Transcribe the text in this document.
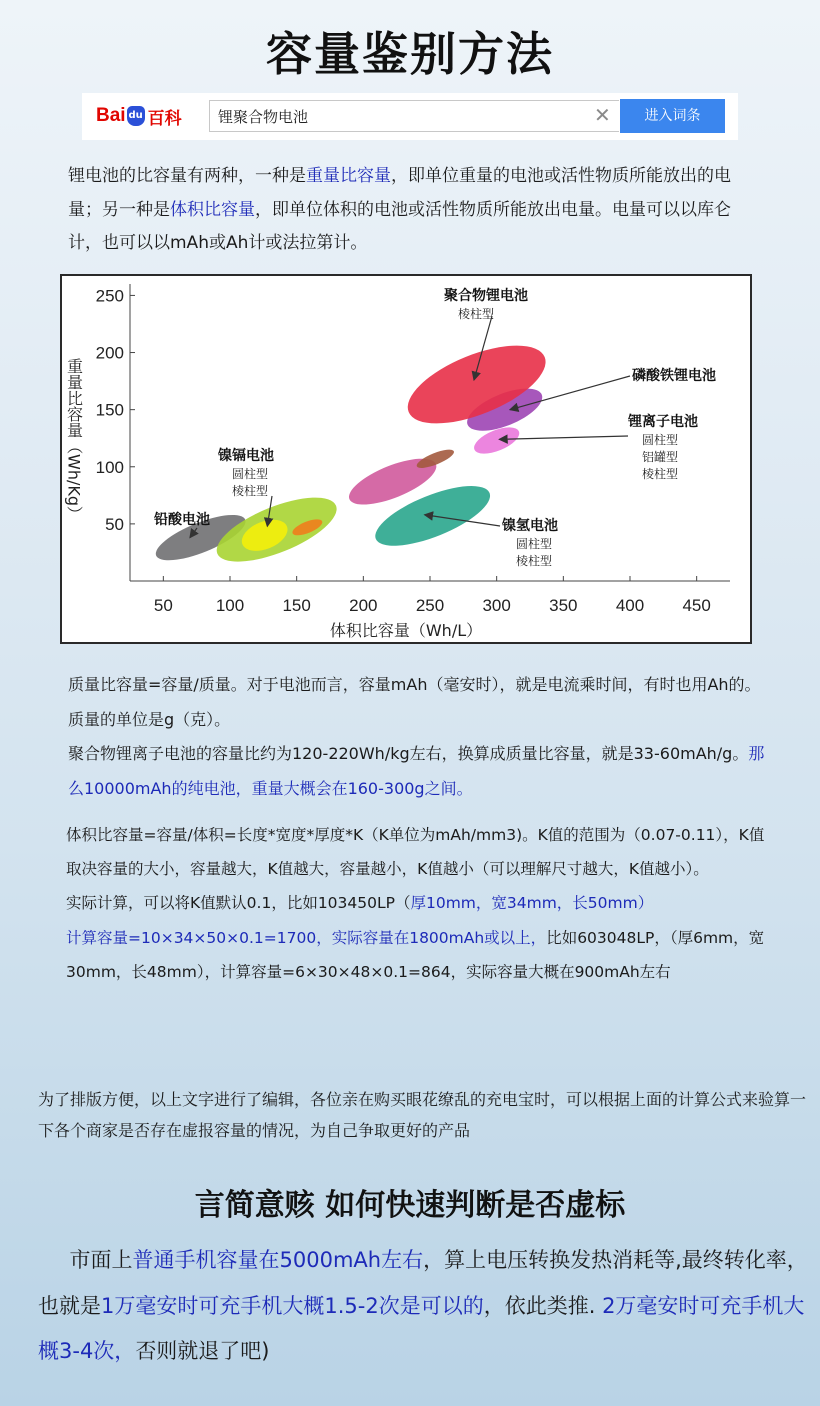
容量鉴别方法
Bai du 百科	锂聚合物电池	✕	进入词条
锂电池的比容量有两种，一种是重量比容量，即单位重量的电池或活性物质所能放出的电量；另一种是体积比容量，即单位体积的电池或活性物质所能放出电量。电量可以以库仑计，也可以以mAh或Ah计或法拉第计。
50	100 150 200 250 300 350 400 450
50
100
150
200
250
体积比容量（Wh/L）
重量比容量（Wh/Kg）	铅酸电池
镍镉电池
圆柱型
棱柱型
镍氢电池
圆柱型
棱柱型
锂离子电池
圆柱型
铝罐型
棱柱型
磷酸铁锂电池
聚合物锂电池
棱柱型
质量比容量=容量/质量。对于电池而言，容量mAh（毫安时），就是电流乘时间，有时也用Ah的。质量的单位是g（克）。
聚合物锂离子电池的容量比约为120-220Wh/kg左右，换算成质量比容量，就是33-60mAh/g。那么10000mAh的纯电池，重量大概会在160-300g之间。
体积比容量=容量/体积=长度*宽度*厚度*K（K单位为mAh/mm3)。K值的范围为（0.07-0.11），K值取决容量的大小，容量越大，K值越大，容量越小，K值越小（可以理解尺寸越大，K值越小）。
实际计算，可以将K值默认0.1，比如103450LP（厚10mm，宽34mm，长50mm）
计算容量=10×34×50×0.1=1700，实际容量在1800mAh或以上，比如603048LP，（厚6mm，宽30mm，长48mm），计算容量=6×30×48×0.1=864，实际容量大概在900mAh左右
为了排版方便，以上文字进行了编辑，各位亲在购买眼花缭乱的充电宝时，可以根据上面的计算公式来验算一下各个商家是否存在虚报容量的情况，为自己争取更好的产品
言简意赅 如何快速判断是否虚标
  市面上普通手机容量在5000mAh左右，算上电压转换发热消耗等,最终转化率，也就是1万毫安时可充手机大概1.5-2次是可以的，依此类推. 2万毫安时可充手机大概3-4次，否则就退了吧)
